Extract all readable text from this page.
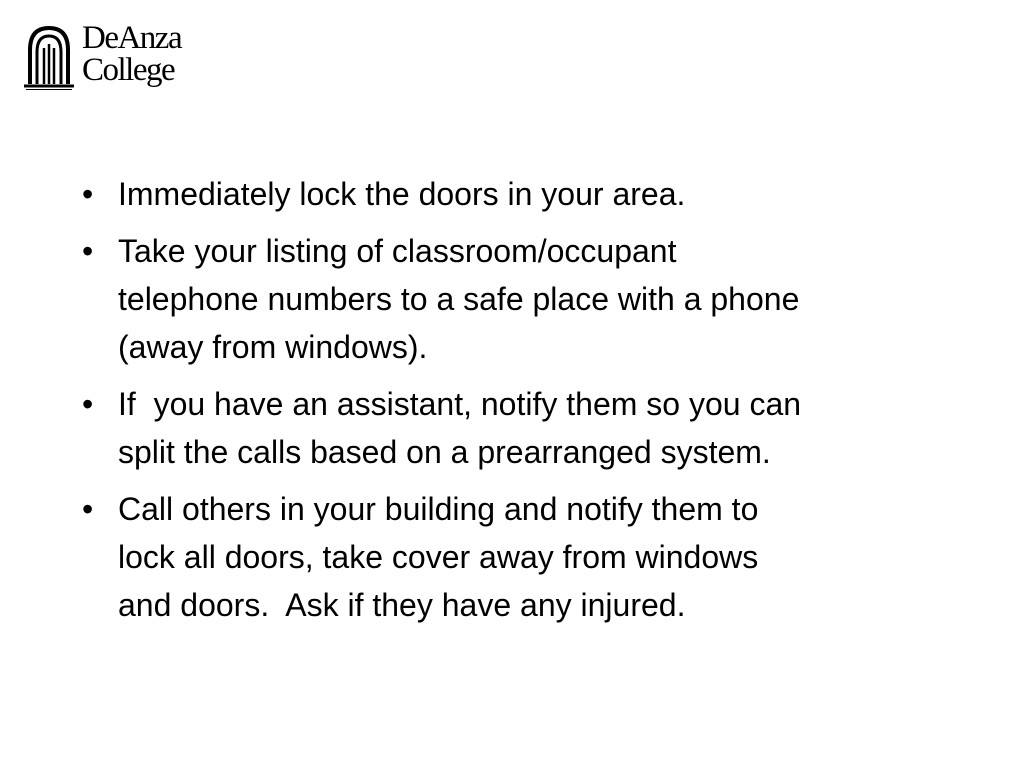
DeAnza
College
• Immediately lock the doors in your area.
• Take your listing of classroom/occupant
telephone numbers to a safe place with a phone
(away from windows).
• If  you have an assistant, notify them so you can
split the calls based on a prearranged system.
• Call others in your building and notify them to
lock all doors, take cover away from windows
and doors.  Ask if they have any injured.
